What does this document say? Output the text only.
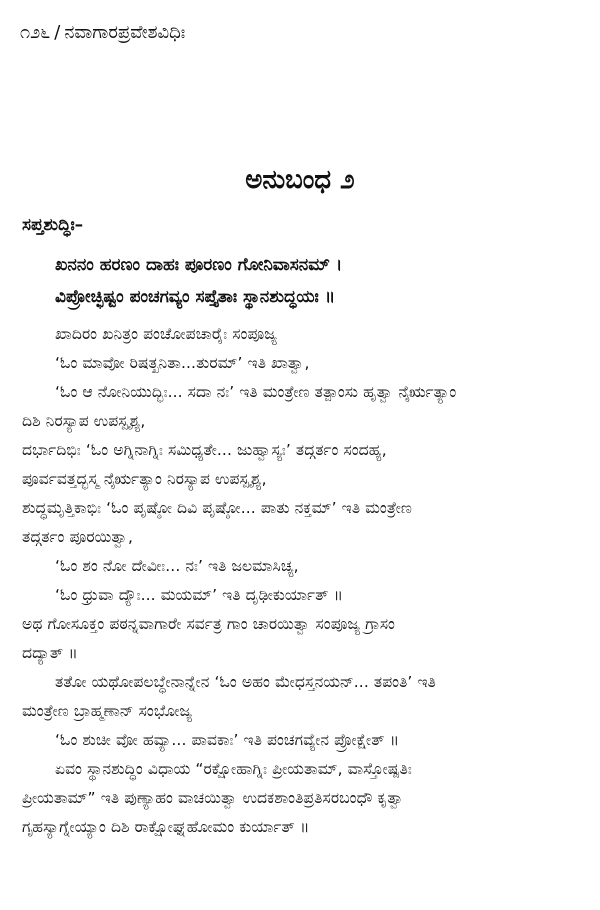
೧೨೬ / ನವಾಗಾರಪ್ರವೇಶವಿಧಿಃ
ಅನುಬಂಧ ೨
ಸಪ್ತಶುದ್ಧಿಃ–
ಖನನಂ ಹರಣಂ ದಾಹಃ ಪೂರಣಂ ಗೋನಿವಾಸನಮ್ ।
ವಿಪ್ರೋಚ್ಛಿಷ್ಟಂ ಪಂಚಗವ್ಯಂ ಸಪ್ತೈತಾಃ ಸ್ಥಾನಶುದ್ಧಯಃ ॥
ಖಾದಿರಂ ಖನಿತ್ರಂ ಪಂಚೋಪಚಾರೈಃ ಸಂಪೂಜ್ಯ
‘ಓಂ ಮಾವೋ ರಿಷತ್ಖನಿತಾ...ತುರಮ್’ ಇತಿ ಖಾತ್ವಾ,
‘ಓಂ ಆ ನೋನಿಯುದ್ಭಿಃ... ಸದಾ ನಃ’ ಇತಿ ಮಂತ್ರೇಣ ತತ್ಪಾಂಸು ಹೃತ್ವಾ ನೈರ್ಋತ್ಯಾಂ
ದಿಶಿ ನಿರಸ್ಯಾಪ ಉಪಸ್ಪೃಶ್ಯ,
ದರ್ಭಾದಿಭಿಃ ‘ಓಂ ಅಗ್ನಿನಾಗ್ನಿಃ ಸಮಿಧ್ಯತೇ... ಜುಹ್ವಾಸ್ಯಃ’ ತದ್ಗರ್ತಂ ಸಂದಹ್ಯ,
ಪೂರ್ವವತ್ತದ್ಭಸ್ಮ ನೈರ್ಋತ್ಯಾಂ ನಿರಸ್ಯಾಪ ಉಪಸ್ಪೃಶ್ಯ,
ಶುದ್ಧಮೃತ್ತಿಕಾಭಿಃ ‘ಓಂ ಪೃಷ್ಠೋ ದಿವಿ ಪೃಷ್ಠೋ... ಪಾತು ನಕ್ತಮ್’ ಇತಿ ಮಂತ್ರೇಣ
ತದ್ಗರ್ತಂ ಪೂರಯಿತ್ವಾ,
‘ಓಂ ಶಂ ನೋ ದೇವೀಃ... ನಃ’ ಇತಿ ಜಲಮಾಸಿಚ್ಯ,
‘ಓಂ ಧ್ರುವಾ ದ್ಯೌಃ... ಮಯಮ್’ ಇತಿ ದೃಢೀಕುರ್ಯಾತ್ ॥
ಅಥ ಗೋಸೂಕ್ತಂ ಪಠನ್ನವಾಗಾರೇ ಸರ್ವತ್ರ ಗಾಂ ಚಾರಯಿತ್ವಾ ಸಂಪೂಜ್ಯ ಗ್ರಾಸಂ
ದದ್ಯಾತ್ ॥
ತತೋ ಯಥೋಪಲಬ್ಧೇನಾನ್ನೇನ ‘ಓಂ ಅಹಂ ಮೇಧಸ್ತನಯನ್... ತಪಂತಿ’ ಇತಿ
ಮಂತ್ರೇಣ ಬ್ರಾಹ್ಮಣಾನ್ ಸಂಭೋಜ್ಯ
‘ಓಂ ಶುಚೀ ವೋ ಹವ್ಯಾ... ಪಾವಕಾಃ’ ಇತಿ ಪಂಚಗವ್ಯೇನ ಪ್ರೋಕ್ಷೇತ್ ॥
ಏವಂ ಸ್ಥಾನಶುದ್ಧಿಂ ವಿಧಾಯ “ರಕ್ಷೋಹಾಗ್ನಿಃ ಪ್ರೀಯತಾಮ್, ವಾಸ್ತೋಷ್ಪತಿಃ
ಪ್ರೀಯತಾಮ್” ಇತಿ ಪುಣ್ಯಾಹಂ ವಾಚಯಿತ್ವಾ ಉದಕಶಾಂತಿಪ್ರತಿಸರಬಂಧೌ ಕೃತ್ವಾ
ಗೃಹಸ್ಯಾಗ್ನೇಯ್ಯಾಂ ದಿಶಿ ರಾಕ್ಷೋಘ್ನಹೋಮಂ ಕುರ್ಯಾತ್ ॥
